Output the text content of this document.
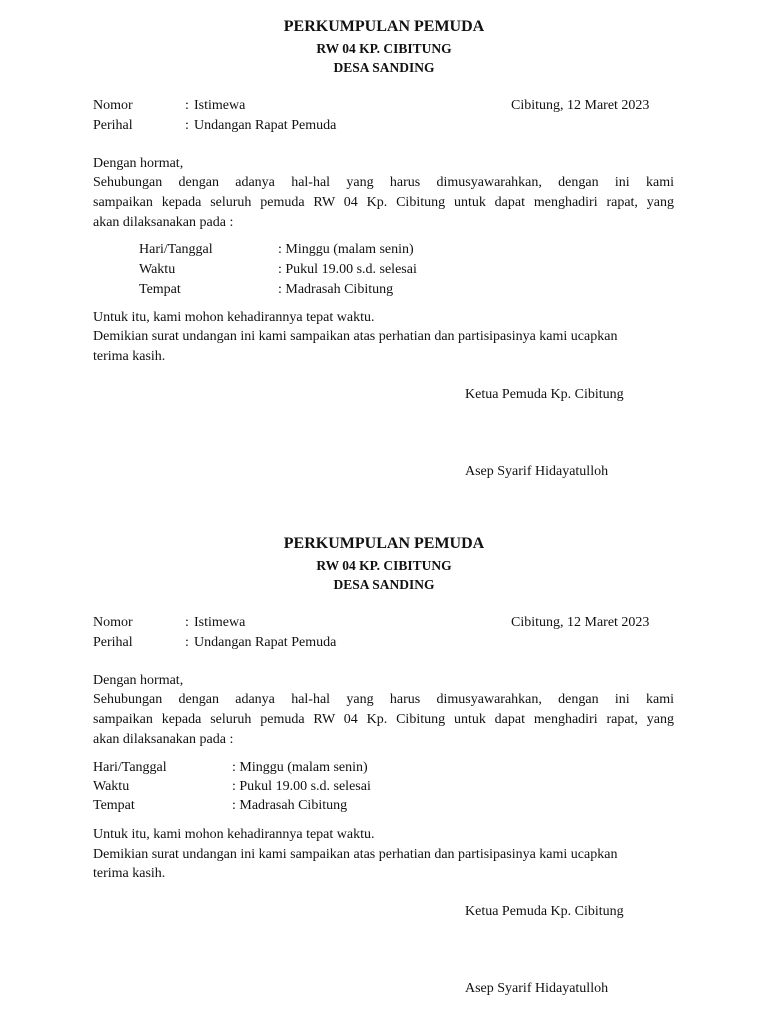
PERKUMPULAN PEMUDA
RW 04 KP. CIBITUNG
DESA SANDING
Nomor	: Istimewa	Cibitung, 12 Maret 2023
Perihal	: Undangan Rapat Pemuda
Dengan hormat,
Sehubungan dengan adanya hal-hal yang harus dimusyawarahkan, dengan ini kami
sampaikan kepada seluruh pemuda RW 04 Kp. Cibitung untuk dapat menghadiri rapat, yang
akan dilaksanakan pada :
Hari/Tanggal	: Minggu (malam senin)
Waktu	: Pukul 19.00 s.d. selesai
Tempat	: Madrasah Cibitung
Untuk itu, kami mohon kehadirannya tepat waktu.
Demikian surat undangan ini kami sampaikan atas perhatian dan partisipasinya kami ucapkan
terima kasih.
Ketua Pemuda Kp. Cibitung
Asep Syarif Hidayatulloh
PERKUMPULAN PEMUDA
RW 04 KP. CIBITUNG
DESA SANDING
Nomor	: Istimewa	Cibitung, 12 Maret 2023
Perihal	: Undangan Rapat Pemuda
Dengan hormat,
Sehubungan dengan adanya hal-hal yang harus dimusyawarahkan, dengan ini kami
sampaikan kepada seluruh pemuda RW 04 Kp. Cibitung untuk dapat menghadiri rapat, yang
akan dilaksanakan pada :
Hari/Tanggal	: Minggu (malam senin)
Waktu	: Pukul 19.00 s.d. selesai
Tempat	: Madrasah Cibitung
Untuk itu, kami mohon kehadirannya tepat waktu.
Demikian surat undangan ini kami sampaikan atas perhatian dan partisipasinya kami ucapkan
terima kasih.
Ketua Pemuda Kp. Cibitung
Asep Syarif Hidayatulloh
